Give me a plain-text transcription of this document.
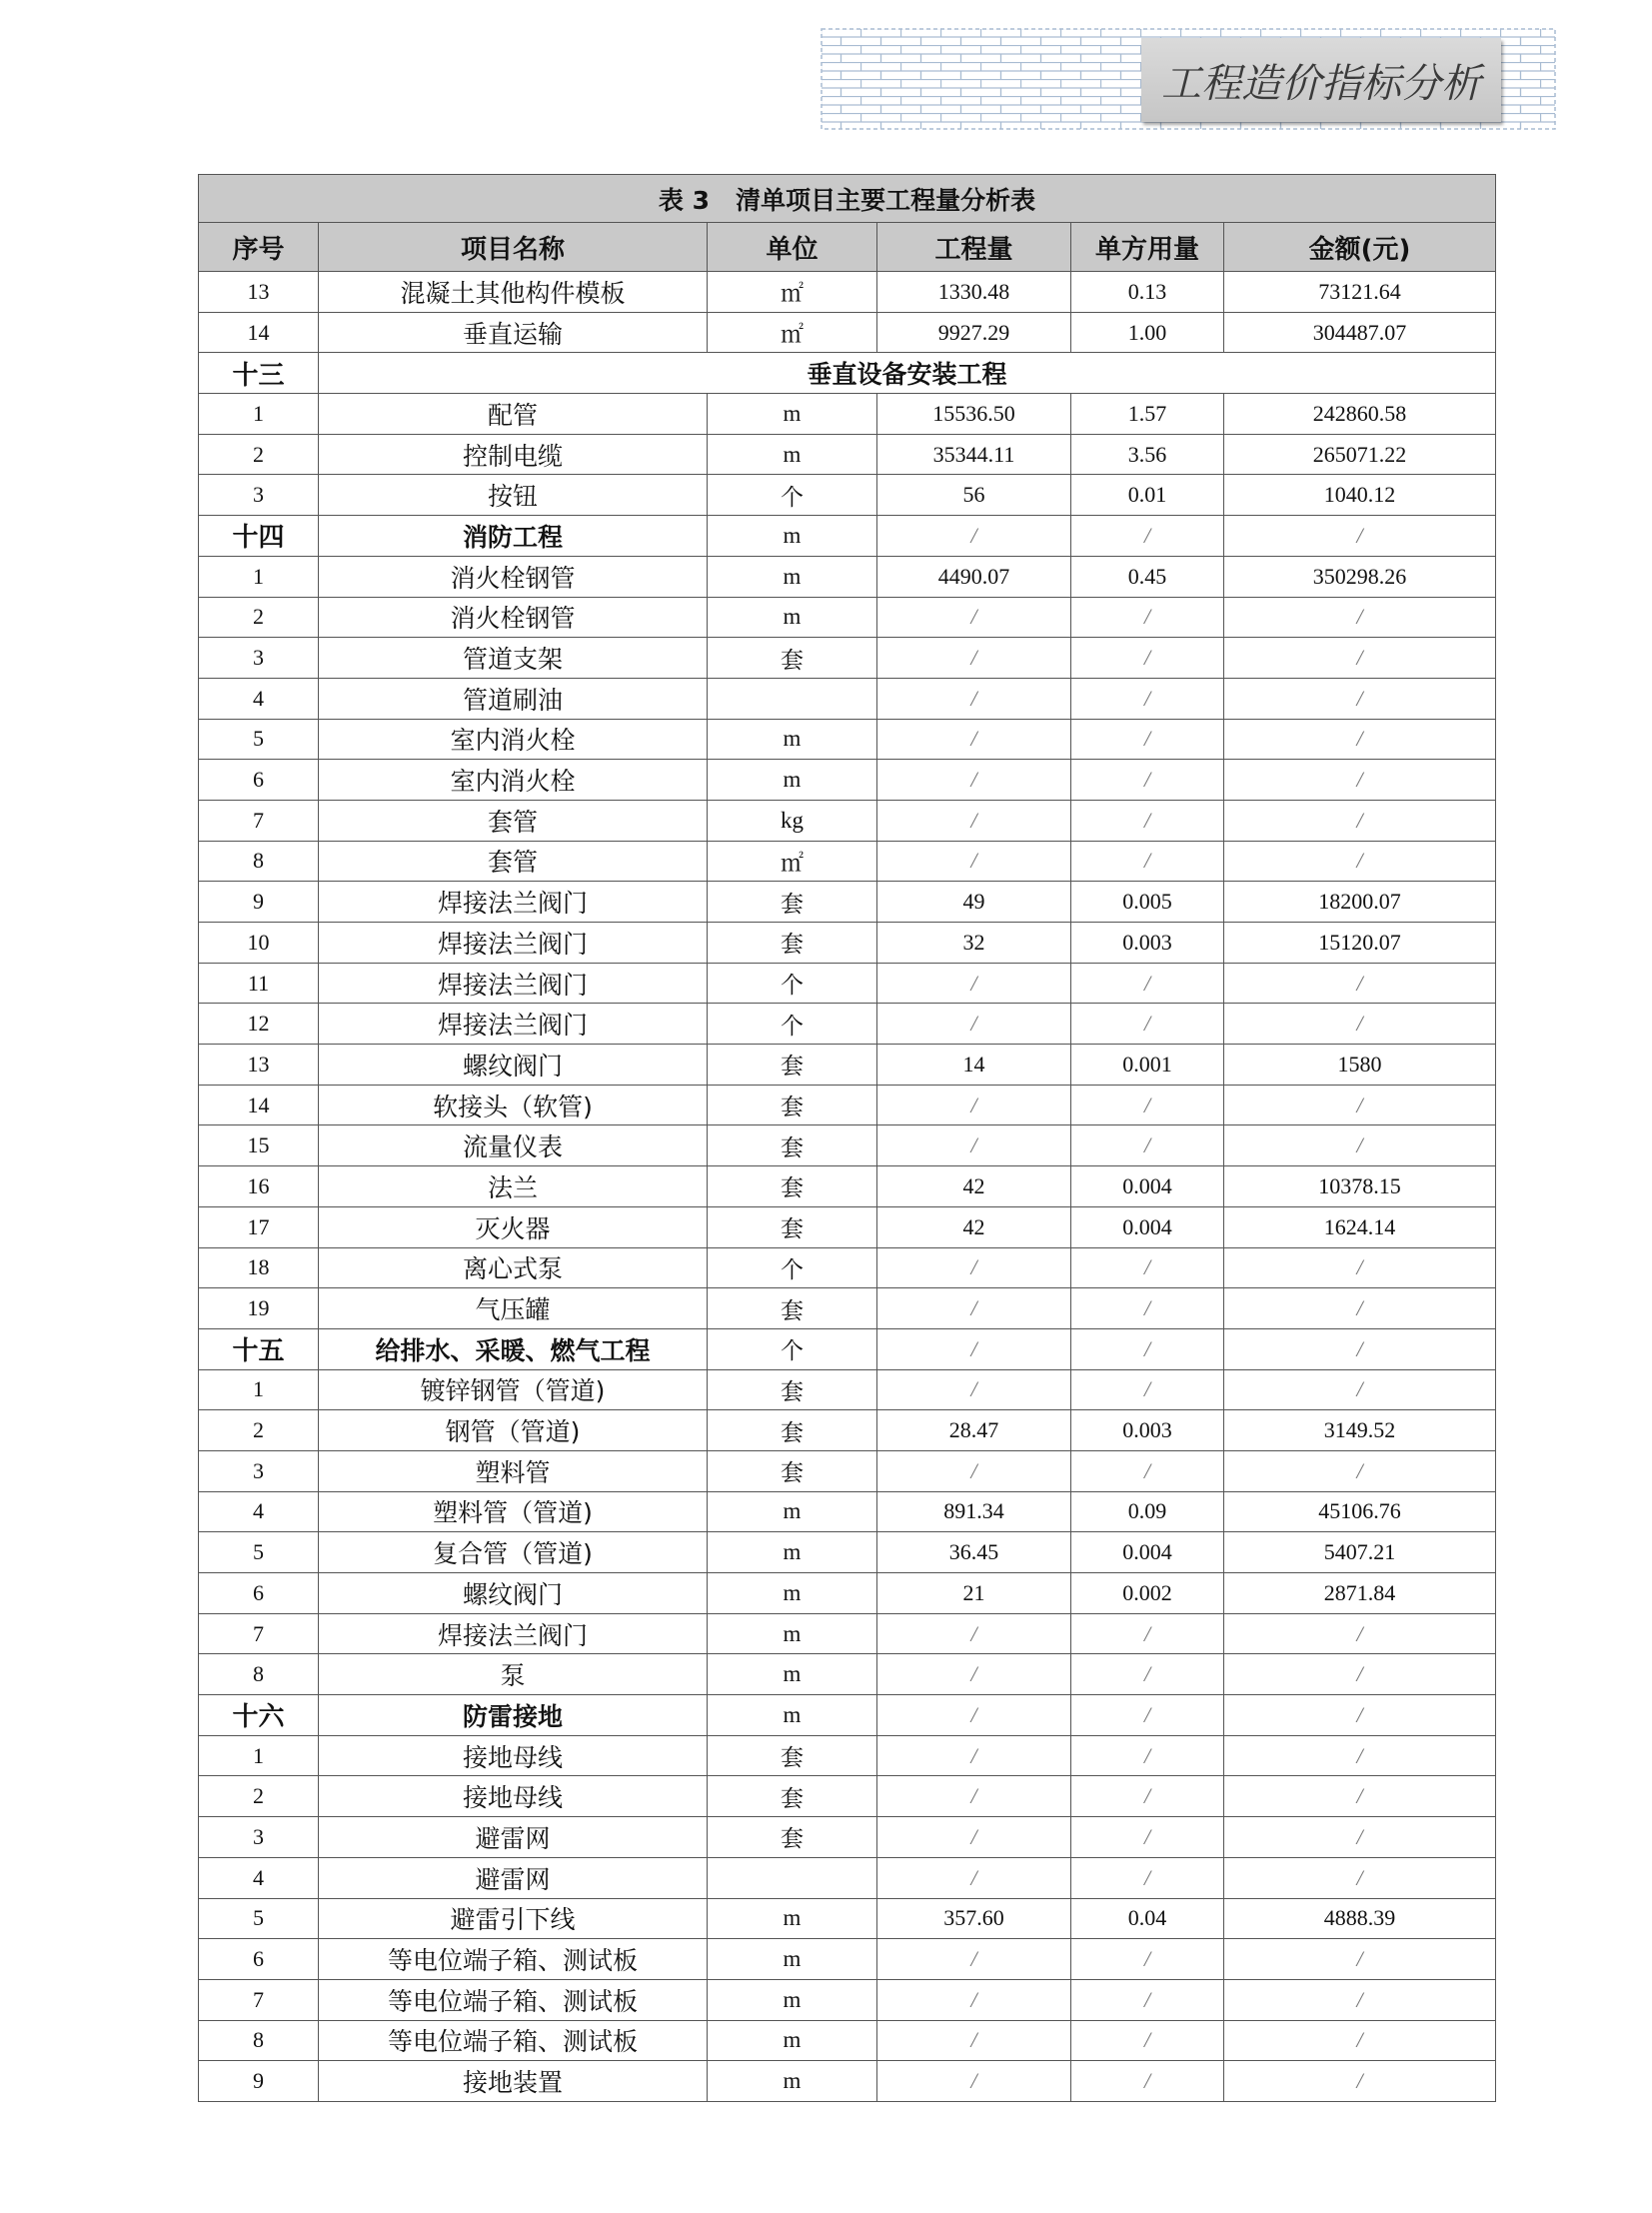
工程造价指标分析
表 3   清单项目主要工程量分析表					
序号	项目名称	单位	工程量	单方用量	金额(元)
13	混凝土其他构件模板	㎡	1330.48	0.13	73121.64
14	垂直运输	㎡	9927.29	1.00	304487.07
十三	垂直设备安装工程				
1	配管	m	15536.50	1.57	242860.58
2	控制电缆	m	35344.11	3.56	265071.22
3	按钮	个	56	0.01	1040.12
十四	消防工程	m	/	/	/
1	消火栓钢管	m	4490.07	0.45	350298.26
2	消火栓钢管	m	/	/	/
3	管道支架	套	/	/	/
4	管道刷油		/	/	/
5	室内消火栓	m	/	/	/
6	室内消火栓	m	/	/	/
7	套管	kg	/	/	/
8	套管	㎡	/	/	/
9	焊接法兰阀门	套	49	0.005	18200.07
10	焊接法兰阀门	套	32	0.003	15120.07
11	焊接法兰阀门	个	/	/	/
12	焊接法兰阀门	个	/	/	/
13	螺纹阀门	套	14	0.001	1580
14	软接头（软管)	套	/	/	/
15	流量仪表	套	/	/	/
16	法兰	套	42	0.004	10378.15
17	灭火器	套	42	0.004	1624.14
18	离心式泵	个	/	/	/
19	气压罐	套	/	/	/
十五	给排水、采暖、燃气工程	个	/	/	/
1	镀锌钢管（管道)	套	/	/	/
2	钢管（管道)	套	28.47	0.003	3149.52
3	塑料管	套	/	/	/
4	塑料管（管道)	m	891.34	0.09	45106.76
5	复合管（管道)	m	36.45	0.004	5407.21
6	螺纹阀门	m	21	0.002	2871.84
7	焊接法兰阀门	m	/	/	/
8	泵	m	/	/	/
十六	防雷接地	m	/	/	/
1	接地母线	套	/	/	/
2	接地母线	套	/	/	/
3	避雷网	套	/	/	/
4	避雷网		/	/	/
5	避雷引下线	m	357.60	0.04	4888.39
6	等电位端子箱、测试板	m	/	/	/
7	等电位端子箱、测试板	m	/	/	/
8	等电位端子箱、测试板	m	/	/	/
9	接地装置	m	/	/	/
